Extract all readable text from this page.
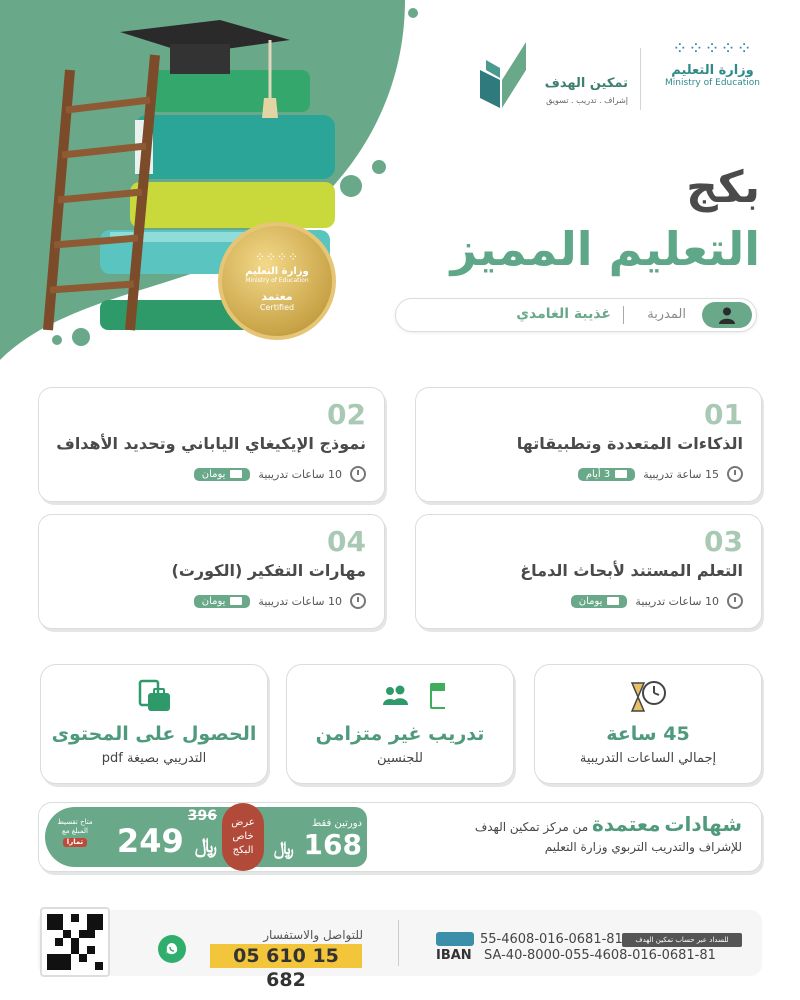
⁘⁘⁘⁘
وزارة التعليم
Ministry of Education
معتمد
Certified
⁘⁘⁘⁘⁘
وزارة التعليم
Ministry of Education
تمكين الهدف
إشراف . تدريب . تسويق
بكج
التعليم المميز
المدربة
غذيبة الغامدي
01
الذكاءات المتعددة وتطبيقاتها
15 ساعة تدريبية
3 أيام
02
نموذج الإيكيغاي الياباني وتحديد الأهداف
10 ساعات تدريبية
يومان
03
التعلم المستند لأبحاث الدماغ
10 ساعات تدريبية
يومان
04
مهارات التفكير (الكورت)
10 ساعات تدريبية
يومان
45 ساعة
إجمالي الساعات التدريبية
تدريب غير متزامن
للجنسين
الحصول على المحتوى
التدريبي بصيغة pdf
شهادات معتمدة من مركز تمكين الهدف
للإشراف والتدريب التربوي وزارة التعليم
دورتين فقط
168 ﷼
عرض خاص البكج
396
249 ﷼
متاح تقسيط المبلغ مع
تمارا
للتواصل والاستفسار
05 610 15 682
للسداد عبر حساب تمكين الهدف
55-4608-016-0681-81
IBAN SA-40-8000-055-4608-016-0681-81
